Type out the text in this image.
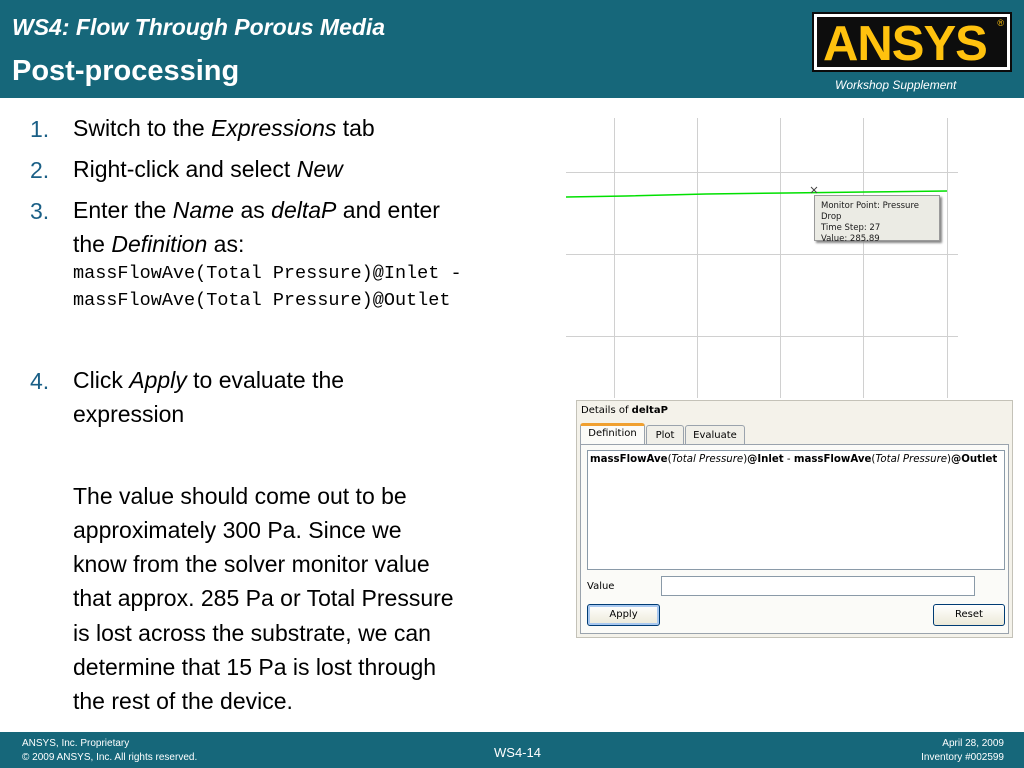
WS4: Flow Through Porous Media
Post-processing	ANSYS ®
Workshop Supplement
1. Switch to the Expressions tab
2. Right-click and select New
3. Enter the Name as deltaP and enter
the Definition as:
massFlowAve(Total Pressure)@Inlet -
massFlowAve(Total Pressure)@Outlet
4. Click Apply to evaluate the
expression
The value should come out to be
approximately 300 Pa. Since we
know from the solver monitor value
that approx. 285 Pa or Total Pressure
is lost across the substrate, we can
determine that 15 Pa is lost through
the rest of the device.
Monitor Point: Pressure Drop
Time Step: 27
Value: 285.89
Details of deltaP
Definition	Plot	Evaluate
massFlowAve(Total Pressure)@Inlet - massFlowAve(Total Pressure)@Outlet
Value
Apply	Reset
ANSYS, Inc. Proprietary
© 2009 ANSYS, Inc. All rights reserved.	WS4-14
April 28, 2009
Inventory #002599
